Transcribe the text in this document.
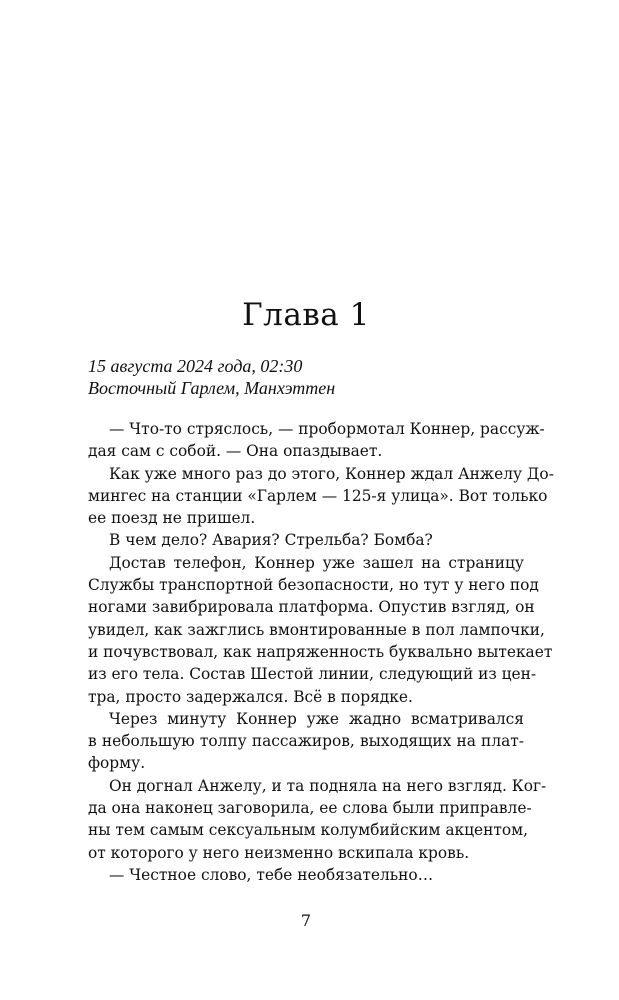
Глава 1
15 августа 2024 года, 02:30
Восточный Гарлем, Манхэттен
— Что-то стряслось, — пробормотал Коннер, рассуж-
дая сам с собой. — Она опаздывает.
Как уже много раз до этого, Коннер ждал Анжелу До-
мингес на станции «Гарлем — 125-я улица». Вот только
ее поезд не пришел.
В чем дело? Авария? Стрельба? Бомба?
Достав телефон, Коннер уже зашел на страницу
Службы транспортной безопасности, но тут у него под
ногами завибрировала платформа. Опустив взгляд, он
увидел, как зажглись вмонтированные в пол лампочки,
и почувствовал, как напряженность буквально вытекает
из его тела. Состав Шестой линии, следующий из цен-
тра, просто задержался. Всё в порядке.
Через минуту Коннер уже жадно всматривался
в небольшую толпу пассажиров, выходящих на плат-
форму.
Он догнал Анжелу, и та подняла на него взгляд. Ког-
да она наконец заговорила, ее слова были приправле-
ны тем самым сексуальным колумбийским акцентом,
от которого у него неизменно вскипала кровь.
— Честное слово, тебе необязательно…
7
